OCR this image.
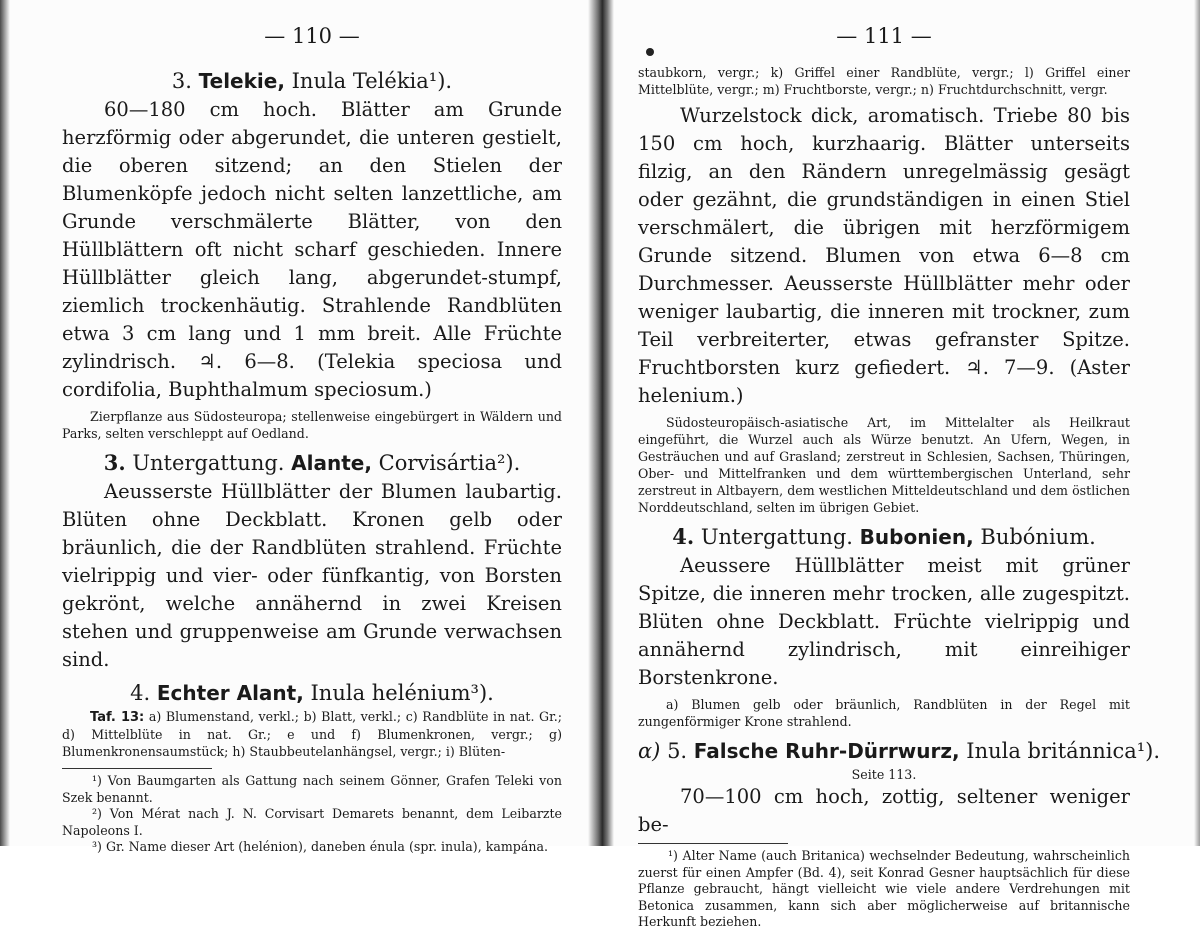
— 110 —

3. Telekie, Inula Telékia¹).

60—180 cm hoch. Blätter am Grunde herzförmig oder abgerundet, die unteren gestielt, die oberen sitzend; an den Stielen der Blumenköpfe jedoch nicht selten lanzettliche, am Grunde verschmälerte Blätter, von den Hüllblättern oft nicht scharf geschieden. Innere Hüllblätter gleich lang, abgerundet-stumpf, ziemlich trockenhäutig. Strahlende Randblüten etwa 3 cm lang und 1 mm breit. Alle Früchte zylindrisch. ♃. 6—8. (Telekia speciosa und cordifolia, Buphthalmum speciosum.)

Zierpflanze aus Südosteuropa; stellenweise eingebürgert in Wäldern und Parks, selten verschleppt auf Oedland.

3. Untergattung. Alante, Corvisártia²).

Aeusserste Hüllblätter der Blumen laubartig. Blüten ohne Deckblatt. Kronen gelb oder bräunlich, die der Randblüten strahlend. Früchte vielrippig und vier- oder fünfkantig, von Borsten gekrönt, welche annähernd in zwei Kreisen stehen und gruppenweise am Grunde verwachsen sind.

4. Echter Alant, Inula helénium³).

Taf. 13: a) Blumenstand, verkl.; b) Blatt, verkl.; c) Randblüte in nat. Gr.; d) Mittelblüte in nat. Gr.; e und f) Blumenkronen, vergr.; g) Blumenkronensaumstück; h) Staubbeutelanhängsel, vergr.; i) Blüten-

¹) Von Baumgarten als Gattung nach seinem Gönner, Grafen Teleki von Szek benannt.

²) Von Mérat nach J. N. Corvisart Demarets benannt, dem Leibarzte Napoleons I.

³) Gr. Name dieser Art (helénion), daneben énula (spr. inula), kampána.

— 111 —

staubkorn, vergr.; k) Griffel einer Randblüte, vergr.; l) Griffel einer Mittelblüte, vergr.; m) Fruchtborste, vergr.; n) Fruchtdurchschnitt, vergr.

Wurzelstock dick, aromatisch. Triebe 80 bis 150 cm hoch, kurzhaarig. Blätter unterseits filzig, an den Rändern unregelmässig gesägt oder gezähnt, die grundständigen in einen Stiel verschmälert, die übrigen mit herzförmigem Grunde sitzend. Blumen von etwa 6—8 cm Durchmesser. Aeusserste Hüllblätter mehr oder weniger laubartig, die inneren mit trockner, zum Teil verbreiterter, etwas gefranster Spitze. Fruchtborsten kurz gefiedert. ♃. 7—9. (Aster helenium.)

Südosteuropäisch-asiatische Art, im Mittelalter als Heilkraut eingeführt, die Wurzel auch als Würze benutzt. An Ufern, Wegen, in Gesträuchen und auf Grasland; zerstreut in Schlesien, Sachsen, Thüringen, Ober- und Mittelfranken und dem württembergischen Unterland, sehr zerstreut in Altbayern, dem westlichen Mitteldeutschland und dem östlichen Norddeutschland, selten im übrigen Gebiet.

4. Untergattung. Bubonien, Bubónium.

Aeussere Hüllblätter meist mit grüner Spitze, die inneren mehr trocken, alle zugespitzt. Blüten ohne Deckblatt. Früchte vielrippig und annähernd zylindrisch, mit einreihiger Borstenkrone.

a) Blumen gelb oder bräunlich, Randblüten in der Regel mit zungenförmiger Krone strahlend.

α) 5. Falsche Ruhr-Dürrwurz, Inula británnica¹).

Seite 113.

70—100 cm hoch, zottig, seltener weniger be-

¹) Alter Name (auch Britanica) wechselnder Bedeutung, wahrscheinlich zuerst für einen Ampfer (Bd. 4), seit Konrad Gesner hauptsächlich für diese Pflanze gebraucht, hängt vielleicht wie viele andere Verdrehungen mit Betonica zusammen, kann sich aber möglicherweise auf britannische Herkunft beziehen.
